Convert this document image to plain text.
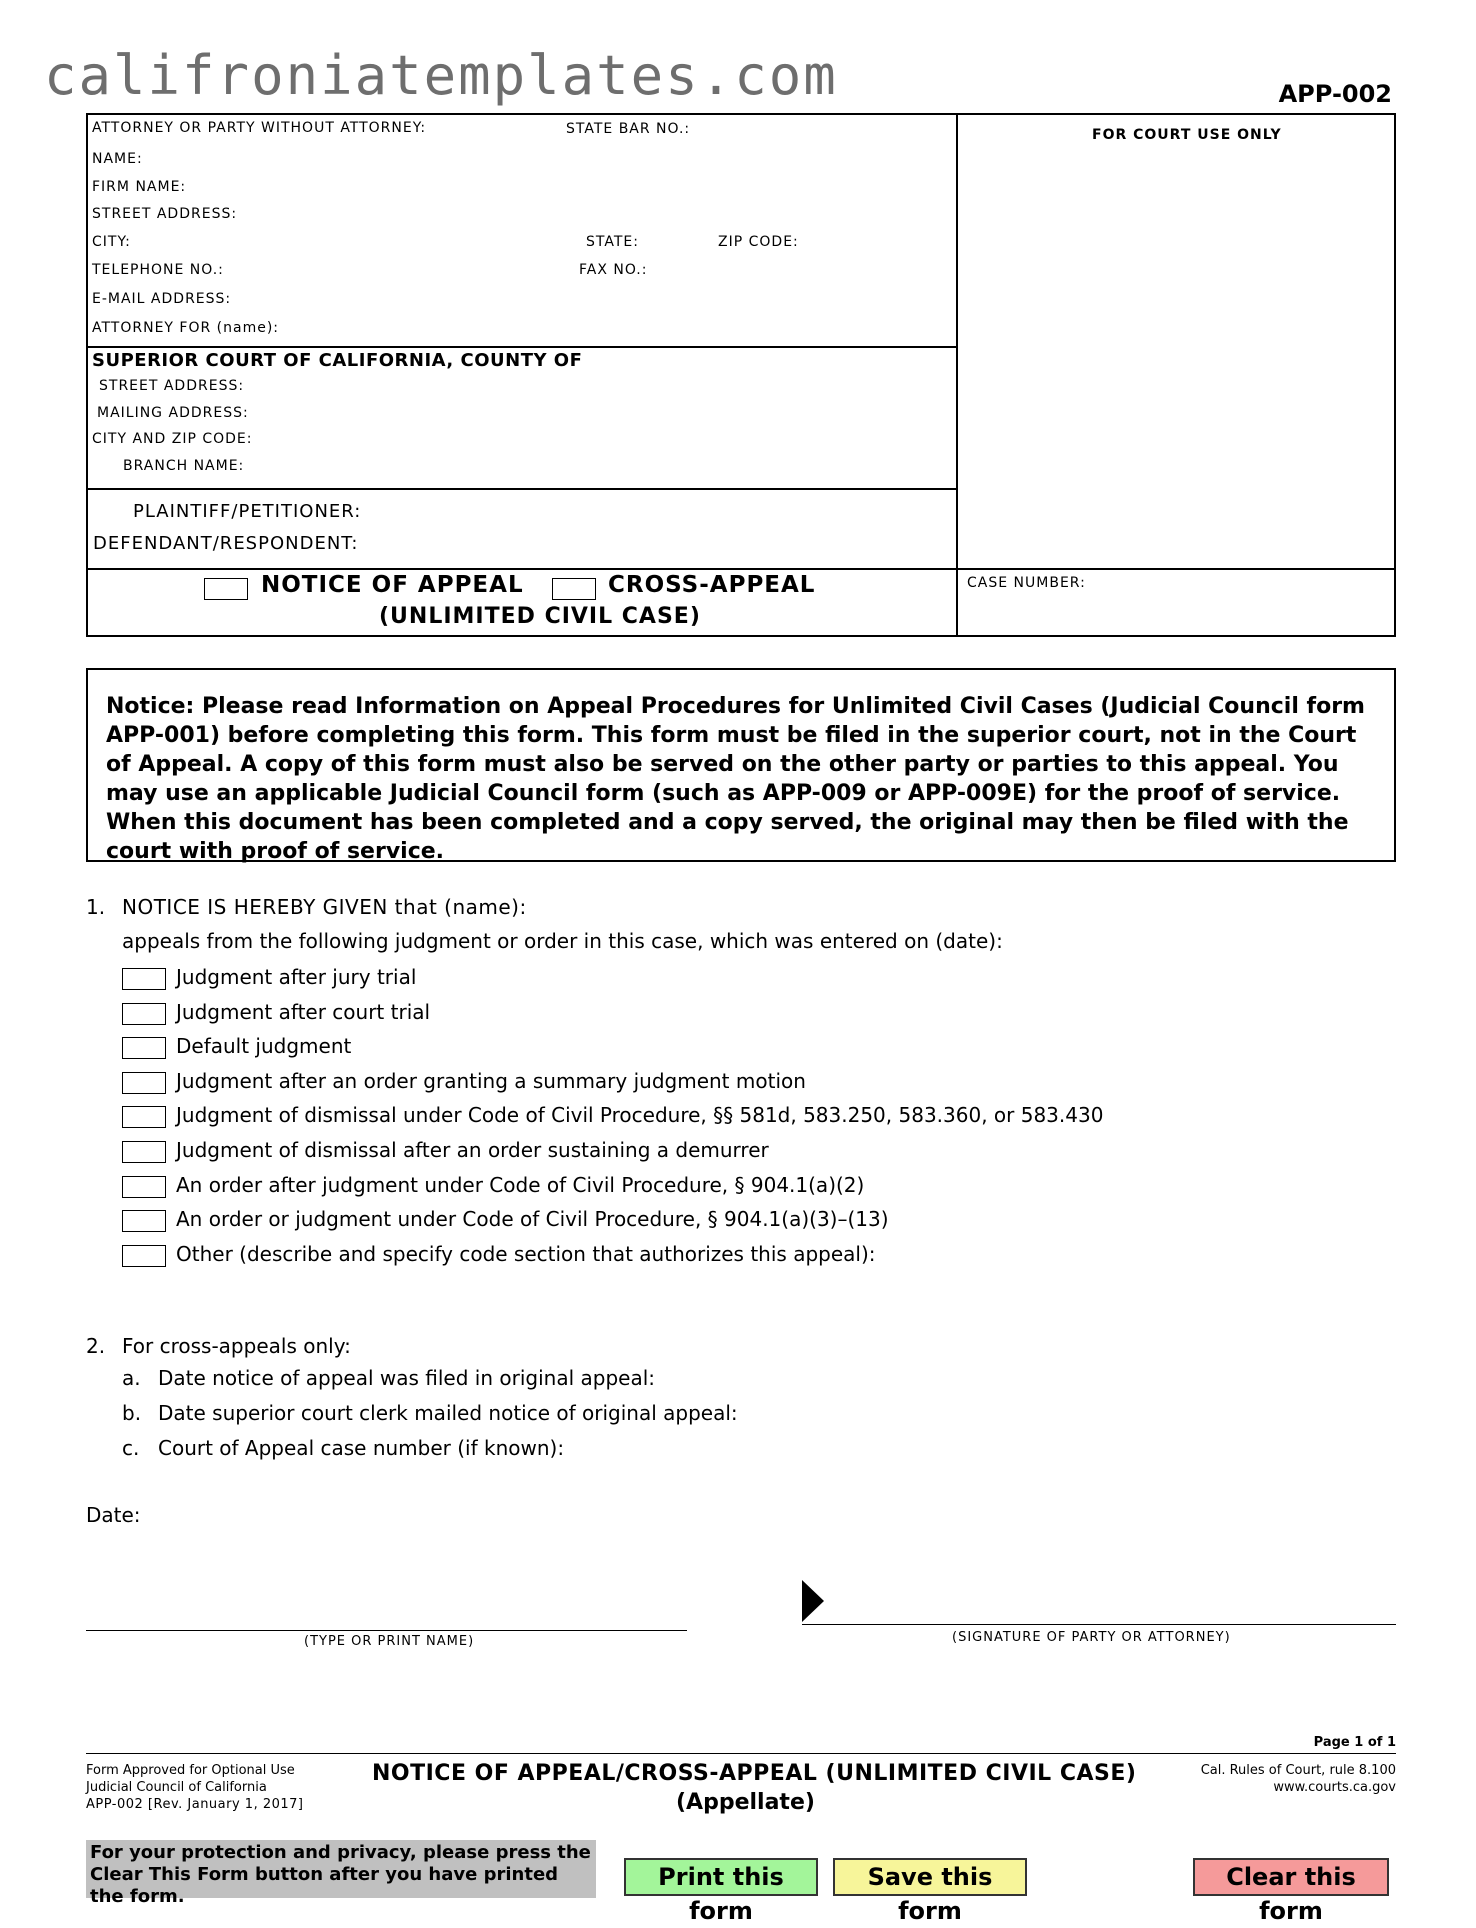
califroniatemplates.com	APP-002
ATTORNEY OR PARTY WITHOUT ATTORNEY:	STATE BAR NO.:	FOR COURT USE ONLY
NAME:
FIRM NAME:
STREET ADDRESS:
CITY:	STATE:	ZIP CODE:
TELEPHONE NO.:	FAX NO.:
E-MAIL ADDRESS:
ATTORNEY FOR (name):
SUPERIOR COURT OF CALIFORNIA, COUNTY OF
STREET ADDRESS:
MAILING ADDRESS:
CITY AND ZIP CODE:
BRANCH NAME:
PLAINTIFF/PETITIONER:
DEFENDANT/RESPONDENT:
NOTICE OF APPEAL	CROSS-APPEAL
(UNLIMITED CIVIL CASE)
CASE NUMBER:
Notice: Please read Information on Appeal Procedures for Unlimited Civil Cases (Judicial Council form APP-001) before completing this form. This form must be filed in the superior court, not in the Court of Appeal. A copy of this form must also be served on the other party or parties to this appeal. You may use an applicable Judicial Council form (such as APP-009 or APP-009E) for the proof of service. When this document has been completed and a copy served, the original may then be filed with the court with proof of service.
1. NOTICE IS HEREBY GIVEN that (name):
appeals from the following judgment or order in this case, which was entered on (date):
Judgment after jury trial
Judgment after court trial
Default judgment
Judgment after an order granting a summary judgment motion
Judgment of dismissal under Code of Civil Procedure, §§ 581d, 583.250, 583.360, or 583.430
Judgment of dismissal after an order sustaining a demurrer
An order after judgment under Code of Civil Procedure, § 904.1(a)(2)
An order or judgment under Code of Civil Procedure, § 904.1(a)(3)–(13)
Other (describe and specify code section that authorizes this appeal):
2. For cross-appeals only:
a. Date notice of appeal was filed in original appeal:
b. Date superior court clerk mailed notice of original appeal:
c. Court of Appeal case number (if known):
Date:
(TYPE OR PRINT NAME)	(SIGNATURE OF PARTY OR ATTORNEY)
Page 1 of 1
Form Approved for Optional Use
Judicial Council of California
APP-002 [Rev. January 1, 2017]
NOTICE OF APPEAL/CROSS-APPEAL (UNLIMITED CIVIL CASE)
(Appellate)
Cal. Rules of Court, rule 8.100
www.courts.ca.gov
For your protection and privacy, please press the Clear This Form button after you have printed the form.
Print this form
Save this form
Clear this form
